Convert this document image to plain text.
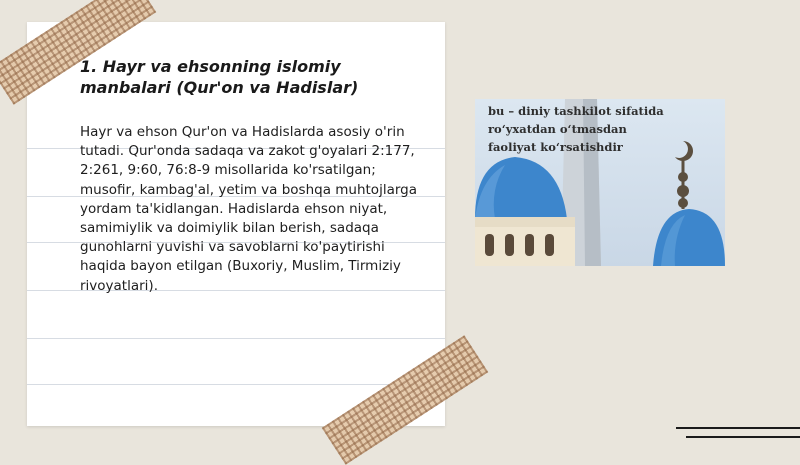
1. Hayr va ehsonning islomiy manbalari (Qur'on va Hadislar)

Hayr va ehson Qur'on va Hadislarda asosiy o'rin tutadi. Qur'onda sadaqa va zakot g'oyalari 2:177, 2:261, 9:60, 76:8-9 misollarida ko'rsatilgan; musofir, kambag'al, yetim va boshqa muhtojlarga yordam ta'kidlangan. Hadislarda ehson niyat, samimiylik va doimiylik bilan berish, sadaqa gunohlarni yuvishi va savoblarni ko'paytirishi haqida bayon etilgan (Buxoriy, Muslim, Tirmiziy rivoyatlari).

bu – diniy tashkilot sifatida
ro‘yxatdan o‘tmasdan
faoliyat ko‘rsatishdir
